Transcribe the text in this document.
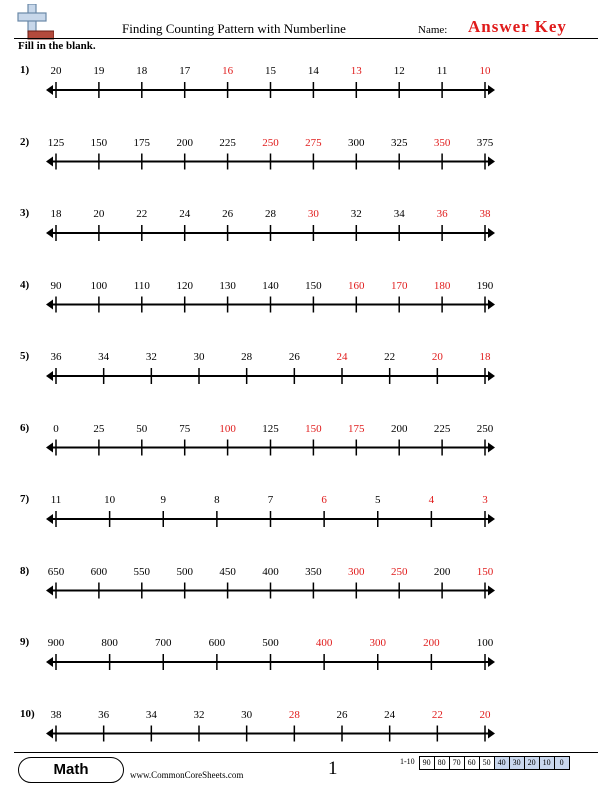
Finding Counting Pattern with Numberline	Name: Answer Key
Fill in the blank.
1) 20	19	18	17	16	15	14	13	12	11	10
2) 125 150 175 200 225 250 275 300 325 350 375
3) 18	20	22	24	26	28	30	32	34	36	38
4) 90	100 110 120 130 140 150 160 170 180 190
5) 36	34	32	30	28	26	24	22	20	18
6) 0	25	50	75	100 125 150 175 200 225 250
7) 11	10	9	8	7	6	5	4	3
8) 650 600 550 500 450 400 350 300 250 200 150
9) 900	800	700	600	500	400	300	200	100
10) 38	36	34	32	30	28	26	24	22	20
Math	www.CommonCoreSheets.com	1	1-10	90 80 70 60 50 40 30 20 10	0
